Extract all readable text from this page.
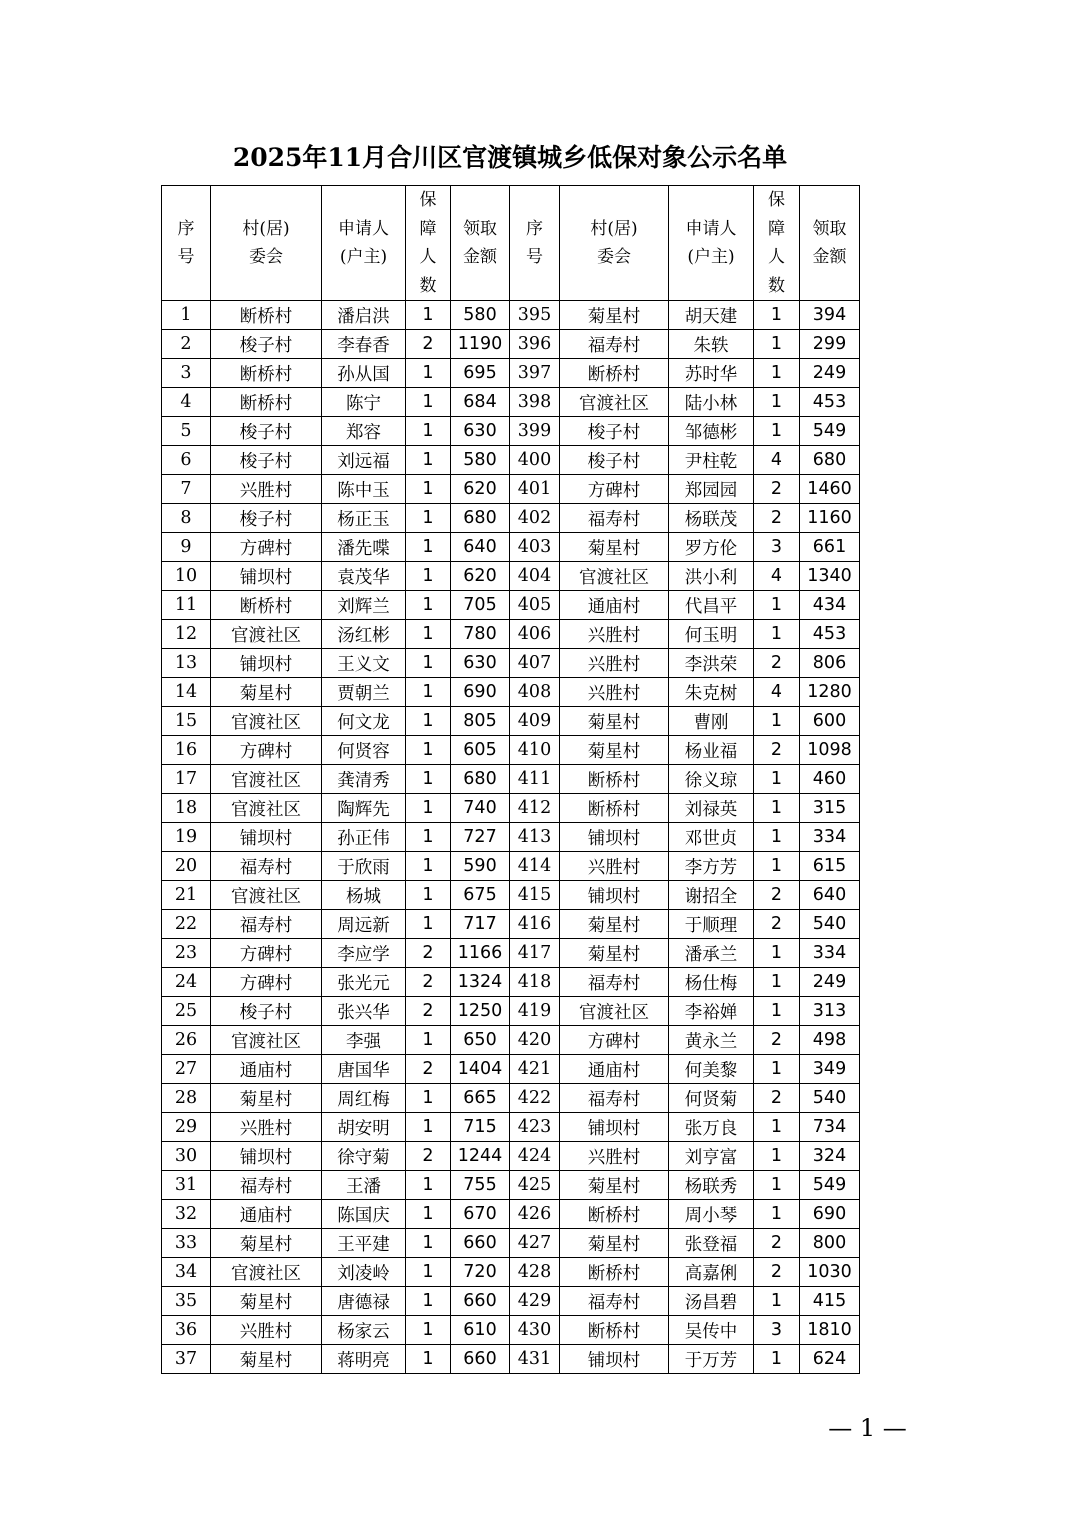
2025年11月合川区官渡镇城乡低保对象公示名单
序号	村(居)委会	申请人(户主)	保障人数	领取金额	序号	村(居)委会	申请人(户主)	保障人数	领取金额
1	断桥村	潘启洪	1	580	395	菊星村	胡天建	1	394
2	梭子村	李春香	2	1190	396	福寿村	朱轶	1	299
3	断桥村	孙从国	1	695	397	断桥村	苏时华	1	249
4	断桥村	陈宁	1	684	398	官渡社区	陆小林	1	453
5	梭子村	郑容	1	630	399	梭子村	邹德彬	1	549
6	梭子村	刘远福	1	580	400	梭子村	尹柱乾	4	680
7	兴胜村	陈中玉	1	620	401	方碑村	郑园园	2	1460
8	梭子村	杨正玉	1	680	402	福寿村	杨联茂	2	1160
9	方碑村	潘先喋	1	640	403	菊星村	罗方伦	3	661
10	铺坝村	袁茂华	1	620	404	官渡社区	洪小利	4	1340
11	断桥村	刘辉兰	1	705	405	通庙村	代昌平	1	434
12	官渡社区	汤红彬	1	780	406	兴胜村	何玉明	1	453
13	铺坝村	王义文	1	630	407	兴胜村	李洪荣	2	806
14	菊星村	贾朝兰	1	690	408	兴胜村	朱克树	4	1280
15	官渡社区	何文龙	1	805	409	菊星村	曹刚	1	600
16	方碑村	何贤容	1	605	410	菊星村	杨业福	2	1098
17	官渡社区	龚清秀	1	680	411	断桥村	徐义琼	1	460
18	官渡社区	陶辉先	1	740	412	断桥村	刘禄英	1	315
19	铺坝村	孙正伟	1	727	413	铺坝村	邓世贞	1	334
20	福寿村	于欣雨	1	590	414	兴胜村	李方芳	1	615
21	官渡社区	杨城	1	675	415	铺坝村	谢招全	2	640
22	福寿村	周远新	1	717	416	菊星村	于顺理	2	540
23	方碑村	李应学	2	1166	417	菊星村	潘承兰	1	334
24	方碑村	张光元	2	1324	418	福寿村	杨仕梅	1	249
25	梭子村	张兴华	2	1250	419	官渡社区	李裕婵	1	313
26	官渡社区	李强	1	650	420	方碑村	黄永兰	2	498
27	通庙村	唐国华	2	1404	421	通庙村	何美黎	1	349
28	菊星村	周红梅	1	665	422	福寿村	何贤菊	2	540
29	兴胜村	胡安明	1	715	423	铺坝村	张万良	1	734
30	铺坝村	徐守菊	2	1244	424	兴胜村	刘亨富	1	324
31	福寿村	王潘	1	755	425	菊星村	杨联秀	1	549
32	通庙村	陈国庆	1	670	426	断桥村	周小琴	1	690
33	菊星村	王平建	1	660	427	菊星村	张登福	2	800
34	官渡社区	刘凌岭	1	720	428	断桥村	高嘉俐	2	1030
35	菊星村	唐德禄	1	660	429	福寿村	汤昌碧	1	415
36	兴胜村	杨家云	1	610	430	断桥村	吴传中	3	1810
37	菊星村	蒋明亮	1	660	431	铺坝村	于万芳	1	624
— 1 —
